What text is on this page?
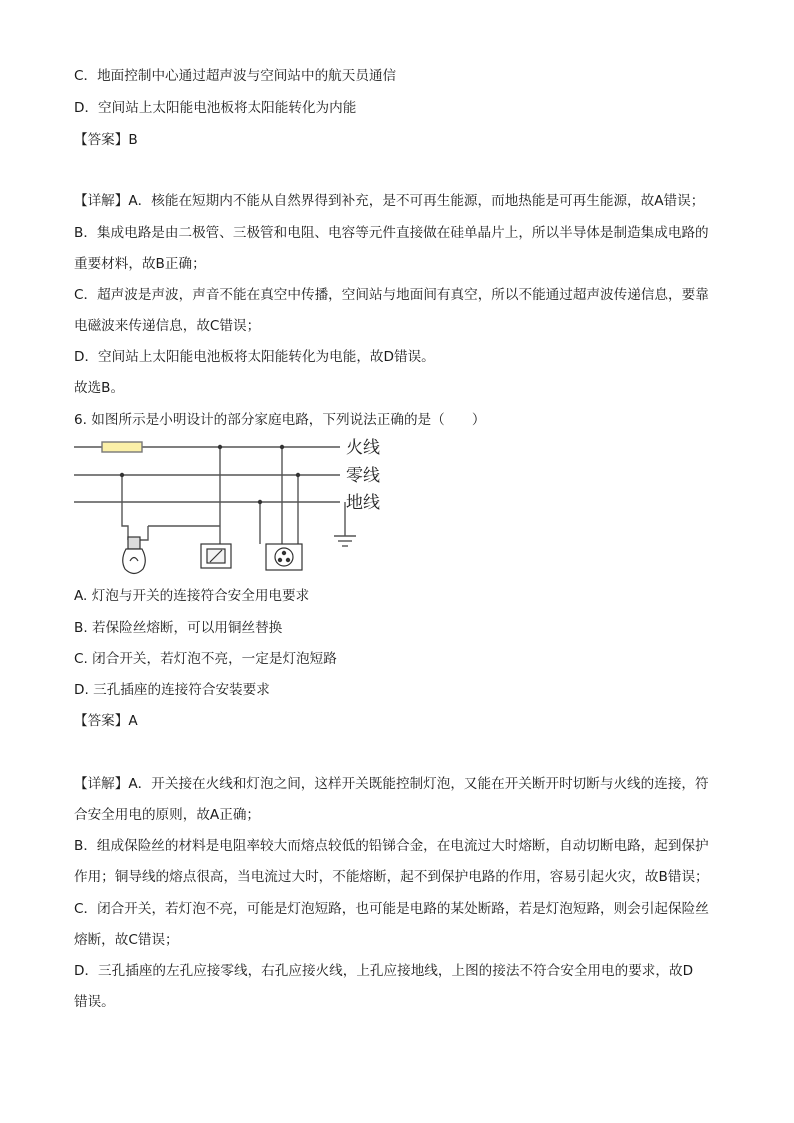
C．地面控制中心通过超声波与空间站中的航天员通信
D．空间站上太阳能电池板将太阳能转化为内能
【答案】B
【详解】A．核能在短期内不能从自然界得到补充，是不可再生能源，而地热能是可再生能源，故A错误；
B．集成电路是由二极管、三极管和电阻、电容等元件直接做在硅单晶片上，所以半导体是制造集成电路的
重要材料，故B正确；
C．超声波是声波，声音不能在真空中传播，空间站与地面间有真空，所以不能通过超声波传递信息，要靠
电磁波来传递信息，故C错误；
D．空间站上太阳能电池板将太阳能转化为电能，故D错误。
故选B。
6. 如图所示是小明设计的部分家庭电路，下列说法正确的是（　　）
火线
零线
地线
A. 灯泡与开关的连接符合安全用电要求
B. 若保险丝熔断，可以用铜丝替换
C. 闭合开关，若灯泡不亮，一定是灯泡短路
D. 三孔插座的连接符合安装要求
【答案】A
【详解】A．开关接在火线和灯泡之间，这样开关既能控制灯泡，又能在开关断开时切断与火线的连接，符
合安全用电的原则，故A正确；
B．组成保险丝的材料是电阻率较大而熔点较低的铅锑合金，在电流过大时熔断，自动切断电路，起到保护
作用；铜导线的熔点很高，当电流过大时，不能熔断，起不到保护电路的作用，容易引起火灾，故B错误；
C．闭合开关，若灯泡不亮，可能是灯泡短路，也可能是电路的某处断路，若是灯泡短路，则会引起保险丝
熔断，故C错误；
D．三孔插座的左孔应接零线，右孔应接火线，上孔应接地线，上图的接法不符合安全用电的要求，故D
错误。
